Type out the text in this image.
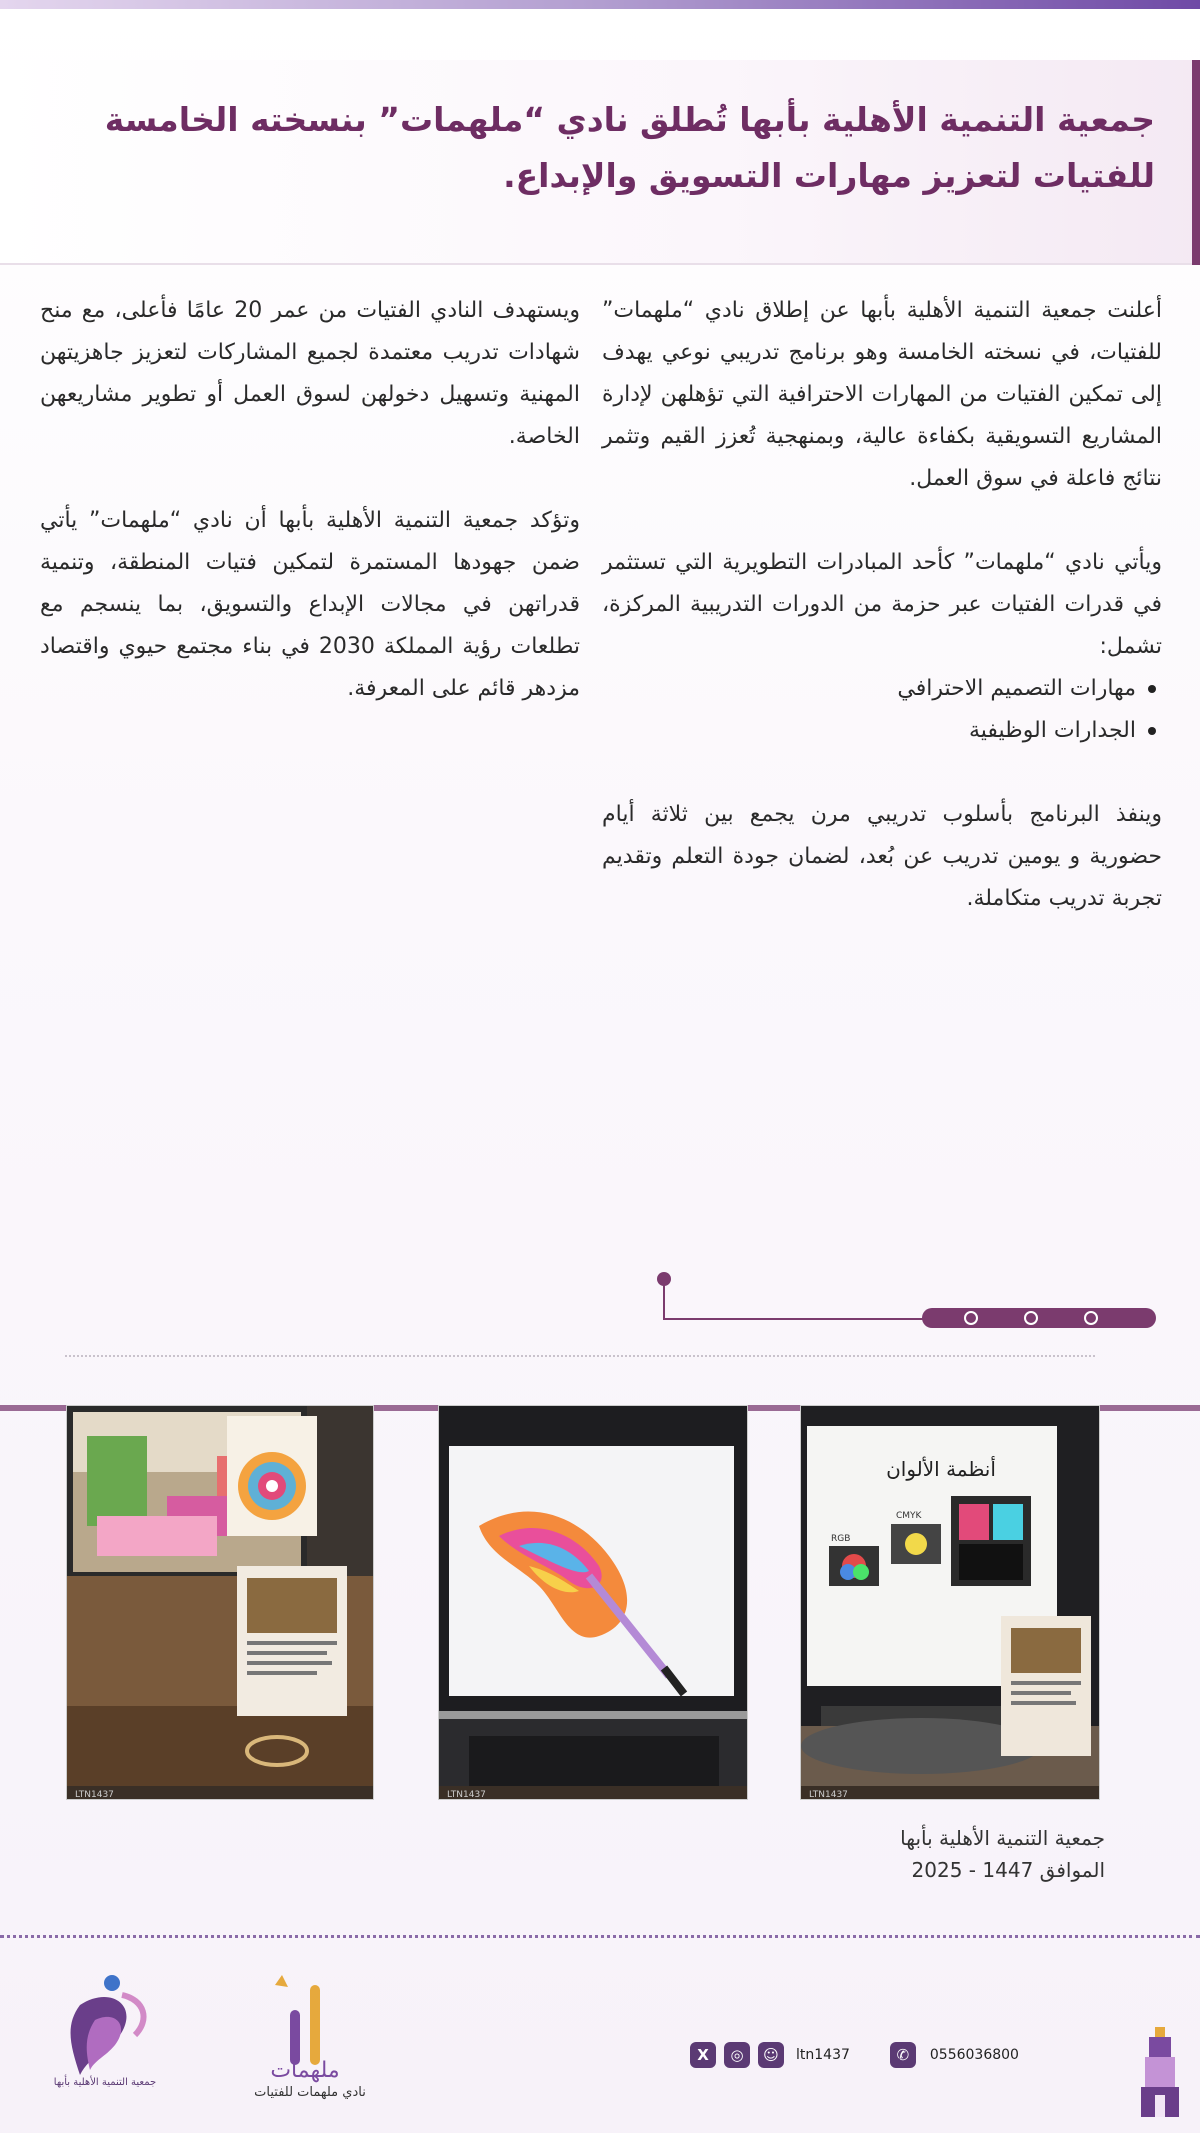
جمعية التنمية الأهلية بأبها تُطلق نادي “ملهمات” بنسخته الخامسة للفتيات لتعزيز مهارات التسويق والإبداع.

أعلنت جمعية التنمية الأهلية بأبها عن إطلاق نادي “ملهمات” للفتيات، في نسخته الخامسة وهو برنامج تدريبي نوعي يهدف إلى تمكين الفتيات من المهارات الاحترافية التي تؤهلهن لإدارة المشاريع التسويقية بكفاءة عالية، وبمنهجية تُعزز القيم وتثمر نتائج فاعلة في سوق العمل.

ويأتي نادي “ملهمات” كأحد المبادرات التطويرية التي تستثمر في قدرات الفتيات عبر حزمة من الدورات التدريبية المركزة، تشمل:

مهارات التصميم الاحترافي
الجدارات الوظيفية

وينفذ البرنامج بأسلوب تدريبي مرن يجمع بين ثلاثة أيام حضورية و يومين تدريب عن بُعد، لضمان جودة التعلم وتقديم تجربة تدريب متكاملة.

ويستهدف النادي الفتيات من عمر 20 عامًا فأعلى، مع منح شهادات تدريب معتمدة لجميع المشاركات لتعزيز جاهزيتهن المهنية وتسهيل دخولهن لسوق العمل أو تطوير مشاريعهن الخاصة.

وتؤكد جمعية التنمية الأهلية بأبها أن نادي “ملهمات” يأتي ضمن جهودها المستمرة لتمكين فتيات المنطقة، وتنمية قدراتهن في مجالات الإبداع والتسويق، بما ينسجم مع تطلعات رؤية المملكة 2030 في بناء مجتمع حيوي واقتصاد مزدهر قائم على المعرفة.

LTN1437	LTN1437
أنظمة الألوان
RGB
CMYK
LTN1437
جمعية التنمية الأهلية بأبها
الموافق 1447 - 2025
جمعية التنمية الأهلية بأبها	ملهمات
نادي ملهمات للفتيات
X	◎	☺	ltn1437	✆	0556036800
